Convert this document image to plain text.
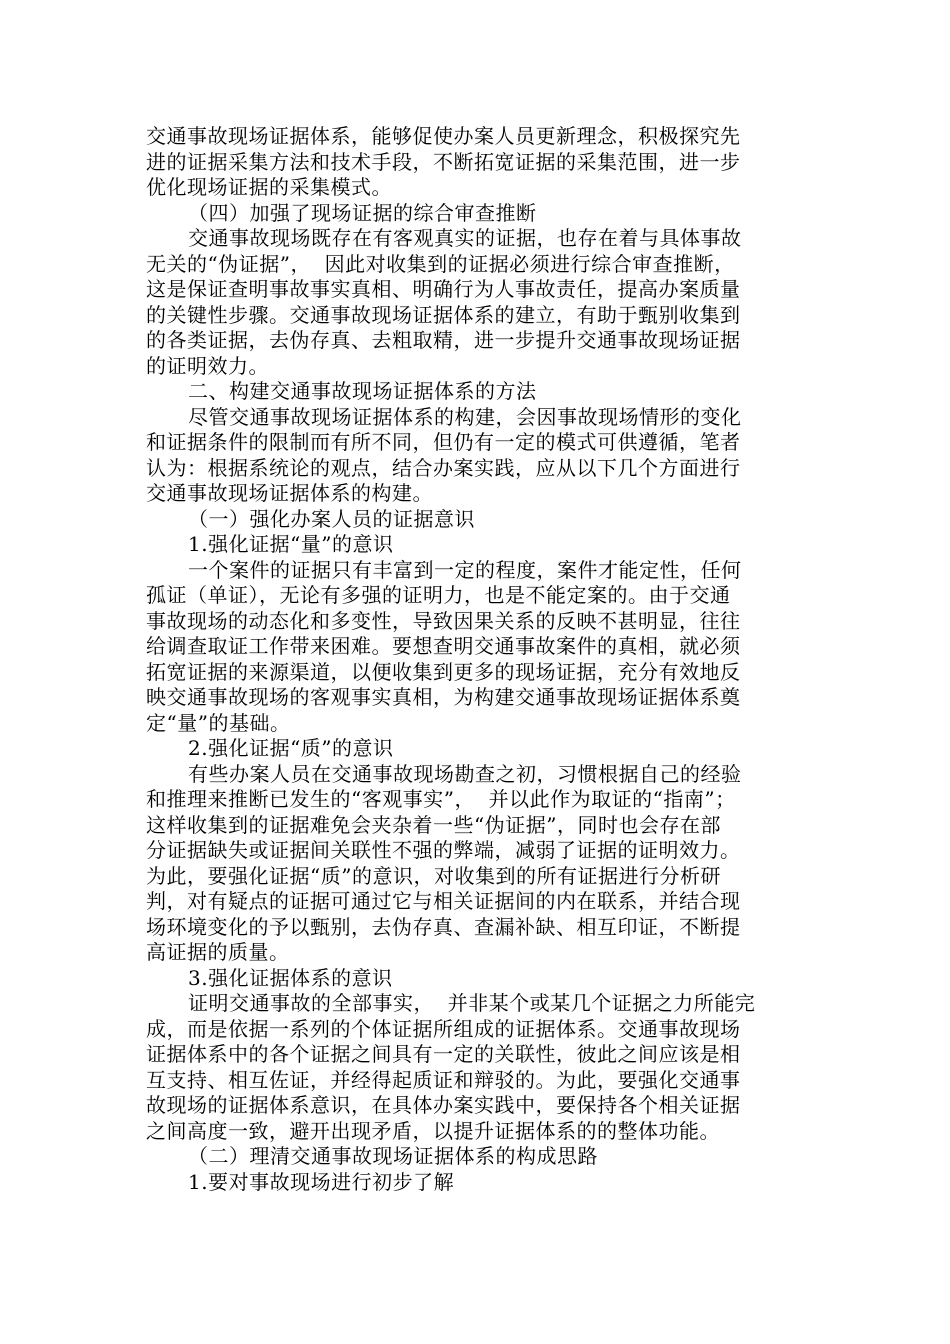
交通事故现场证据体系，能够促使办案人员更新理念，积极探究先
进的证据采集方法和技术手段，不断拓宽证据的采集范围，进一步
优化现场证据的采集模式。
（四）加强了现场证据的综合审查推断
交通事故现场既存在有客观真实的证据，也存在着与具体事故
无关的“伪证据”，  因此对收集到的证据必须进行综合审查推断，
这是保证查明事故事实真相、明确行为人事故责任，提高办案质量
的关键性步骤。交通事故现场证据体系的建立，有助于甄别收集到
的各类证据，去伪存真、去粗取精，进一步提升交通事故现场证据
的证明效力。
二、构建交通事故现场证据体系的方法
尽管交通事故现场证据体系的构建，会因事故现场情形的变化
和证据条件的限制而有所不同，但仍有一定的模式可供遵循，笔者
认为：根据系统论的观点，结合办案实践，应从以下几个方面进行
交通事故现场证据体系的构建。
（一）强化办案人员的证据意识
1.强化证据“量”的意识
一个案件的证据只有丰富到一定的程度，案件才能定性，任何
孤证（单证），无论有多强的证明力，也是不能定案的。由于交通
事故现场的动态化和多变性，导致因果关系的反映不甚明显，往往
给调查取证工作带来困难。要想查明交通事故案件的真相，就必须
拓宽证据的来源渠道，以便收集到更多的现场证据，充分有效地反
映交通事故现场的客观事实真相，为构建交通事故现场证据体系奠
定“量”的基础。
2.强化证据“质”的意识
有些办案人员在交通事故现场勘查之初，习惯根据自己的经验
和推理来推断已发生的“客观事实”，  并以此作为取证的“指南”；
这样收集到的证据难免会夹杂着一些“伪证据”，同时也会存在部
分证据缺失或证据间关联性不强的弊端，减弱了证据的证明效力。
为此，要强化证据“质”的意识，对收集到的所有证据进行分析研
判，对有疑点的证据可通过它与相关证据间的内在联系，并结合现
场环境变化的予以甄别，去伪存真、查漏补缺、相互印证，不断提
高证据的质量。
3.强化证据体系的意识
证明交通事故的全部事实，  并非某个或某几个证据之力所能完
成，而是依据一系列的个体证据所组成的证据体系。交通事故现场
证据体系中的各个证据之间具有一定的关联性，彼此之间应该是相
互支持、相互佐证，并经得起质证和辩驳的。为此，要强化交通事
故现场的证据体系意识，在具体办案实践中，要保持各个相关证据
之间高度一致，避开出现矛盾，以提升证据体系的的整体功能。
（二）理清交通事故现场证据体系的构成思路
1.要对事故现场进行初步了解
